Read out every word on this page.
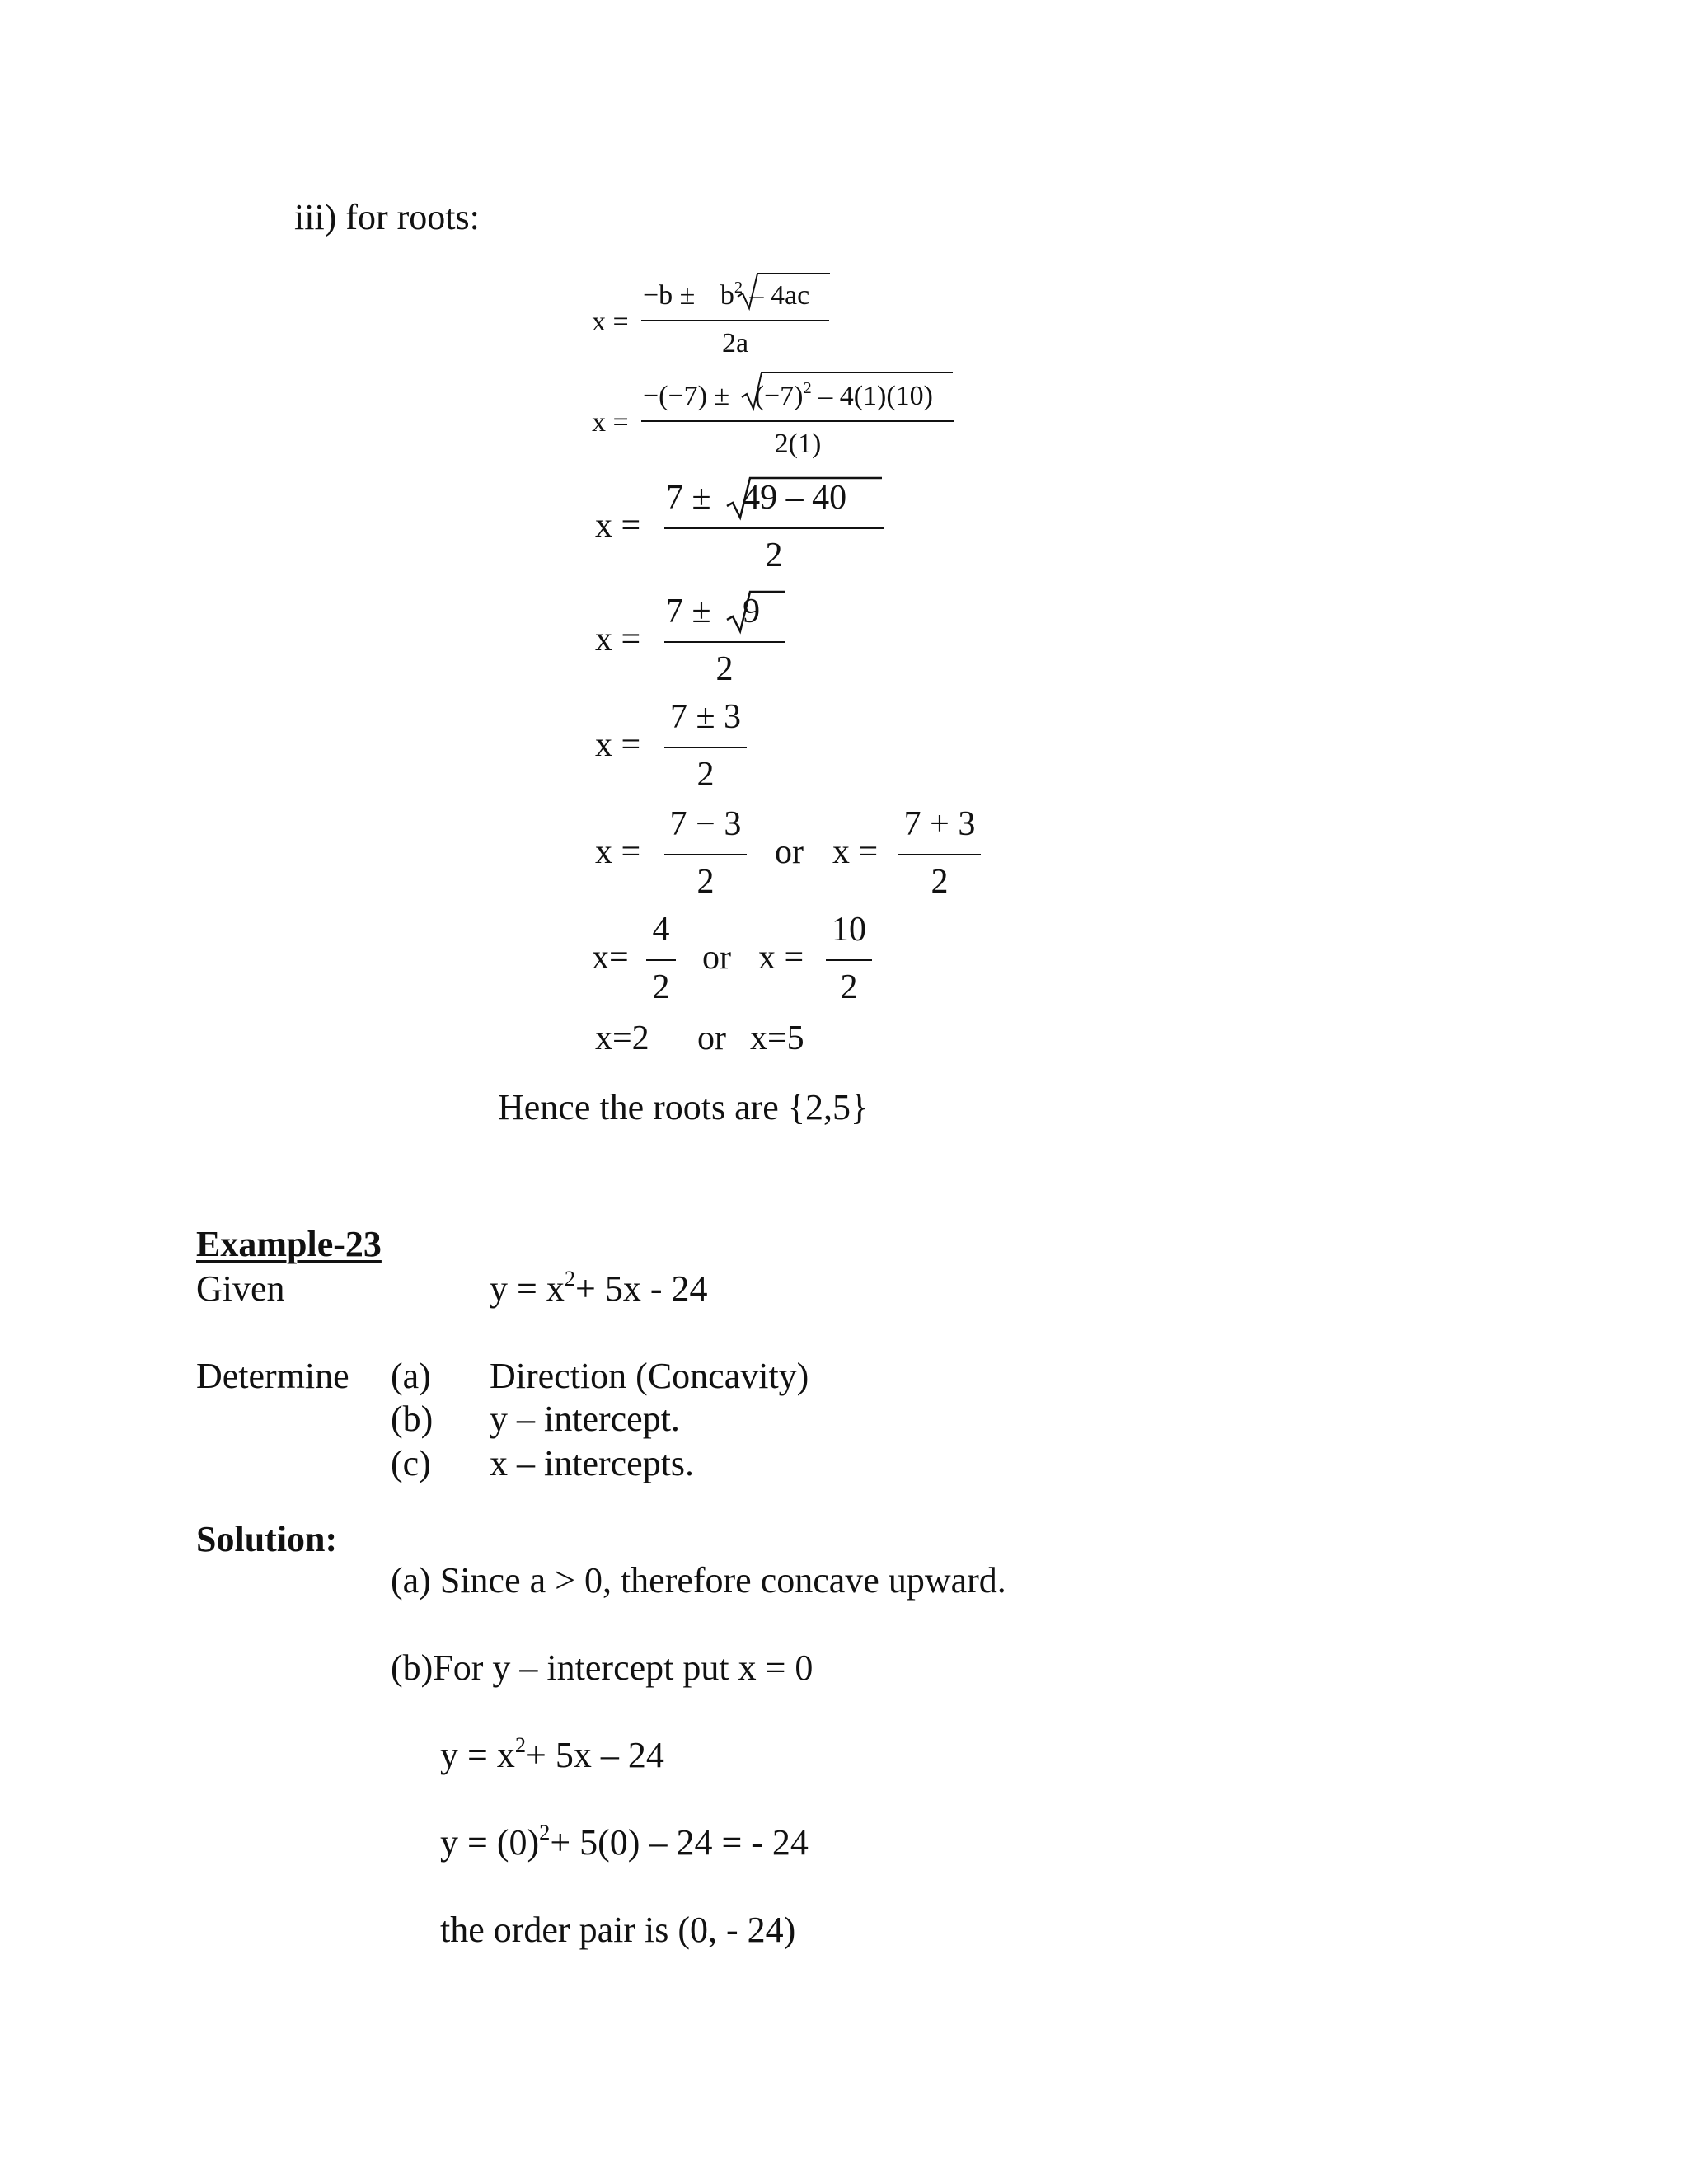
iii) for roots:
x =
$-b \pm b^2 - 4ac$
2a
x =
$-(-7) \pm (-7)^2 - 4(1)(10)$
2(1)
x =
7 ± 49 – 40
2
x =
7 ± 9
2
x =
7 ± 3
2
x =
7 − 3
2
or x =
7 + 3
2
x=
4
2
or x =
10
2
x=2 or x=5
Hence the roots are {2,5}
Example-23
Given	$y = x^2+ 5x - 24$
Determine (a) Direction (Concavity)
(b) y – intercept.
(c) x – intercepts.
Solution:
(a) Since a > 0, therefore concave upward.
(b)For y – intercept put x = 0
$y = x^2+ 5x - 24$
$y = (0)^2+ 5(0) - 24$ = - 24
the order pair is (0, - 24)
